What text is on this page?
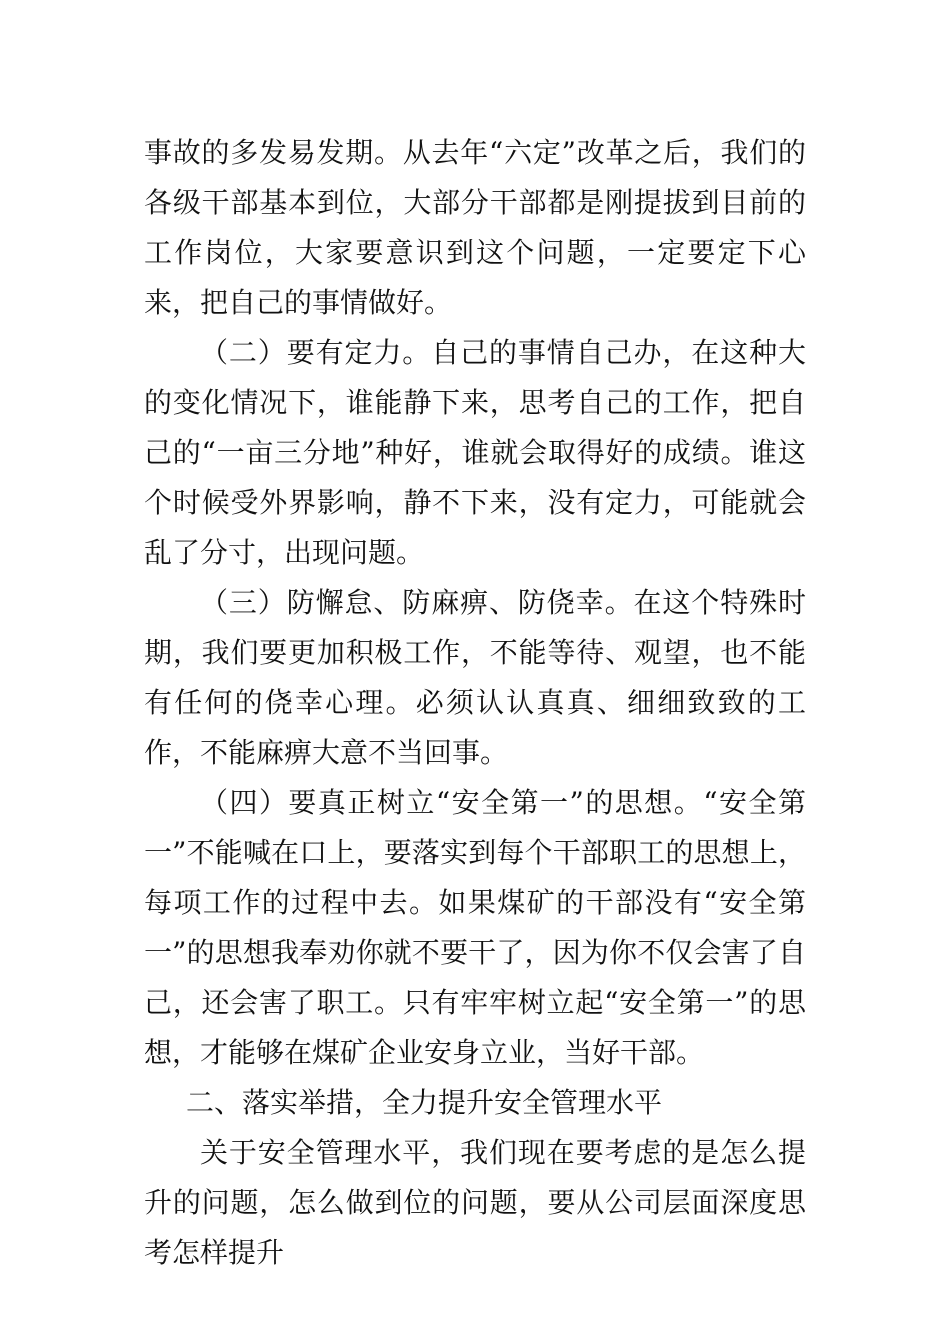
事故的多发易发期。从去年“六定”改革之后，我们的各级干部基本到位，大部分干部都是刚提拔到目前的工作岗位，大家要意识到这个问题，一定要定下心来，把自己的事情做好。

（二）要有定力。自己的事情自己办，在这种大的变化情况下，谁能静下来，思考自己的工作，把自己的“一亩三分地”种好，谁就会取得好的成绩。谁这个时候受外界影响，静不下来，没有定力，可能就会乱了分寸，出现问题。

（三）防懈怠、防麻痹、防侥幸。在这个特殊时期，我们要更加积极工作，不能等待、观望，也不能有任何的侥幸心理。必须认认真真、细细致致的工作，不能麻痹大意不当回事。

（四）要真正树立“安全第一”的思想。“安全第一”不能喊在口上，要落实到每个干部职工的思想上，每项工作的过程中去。如果煤矿的干部没有“安全第一”的思想我奉劝你就不要干了，因为你不仅会害了自己，还会害了职工。只有牢牢树立起“安全第一”的思想，才能够在煤矿企业安身立业，当好干部。

二、落实举措，全力提升安全管理水平

关于安全管理水平，我们现在要考虑的是怎么提升的问题，怎么做到位的问题，要从公司层面深度思考怎样提升
